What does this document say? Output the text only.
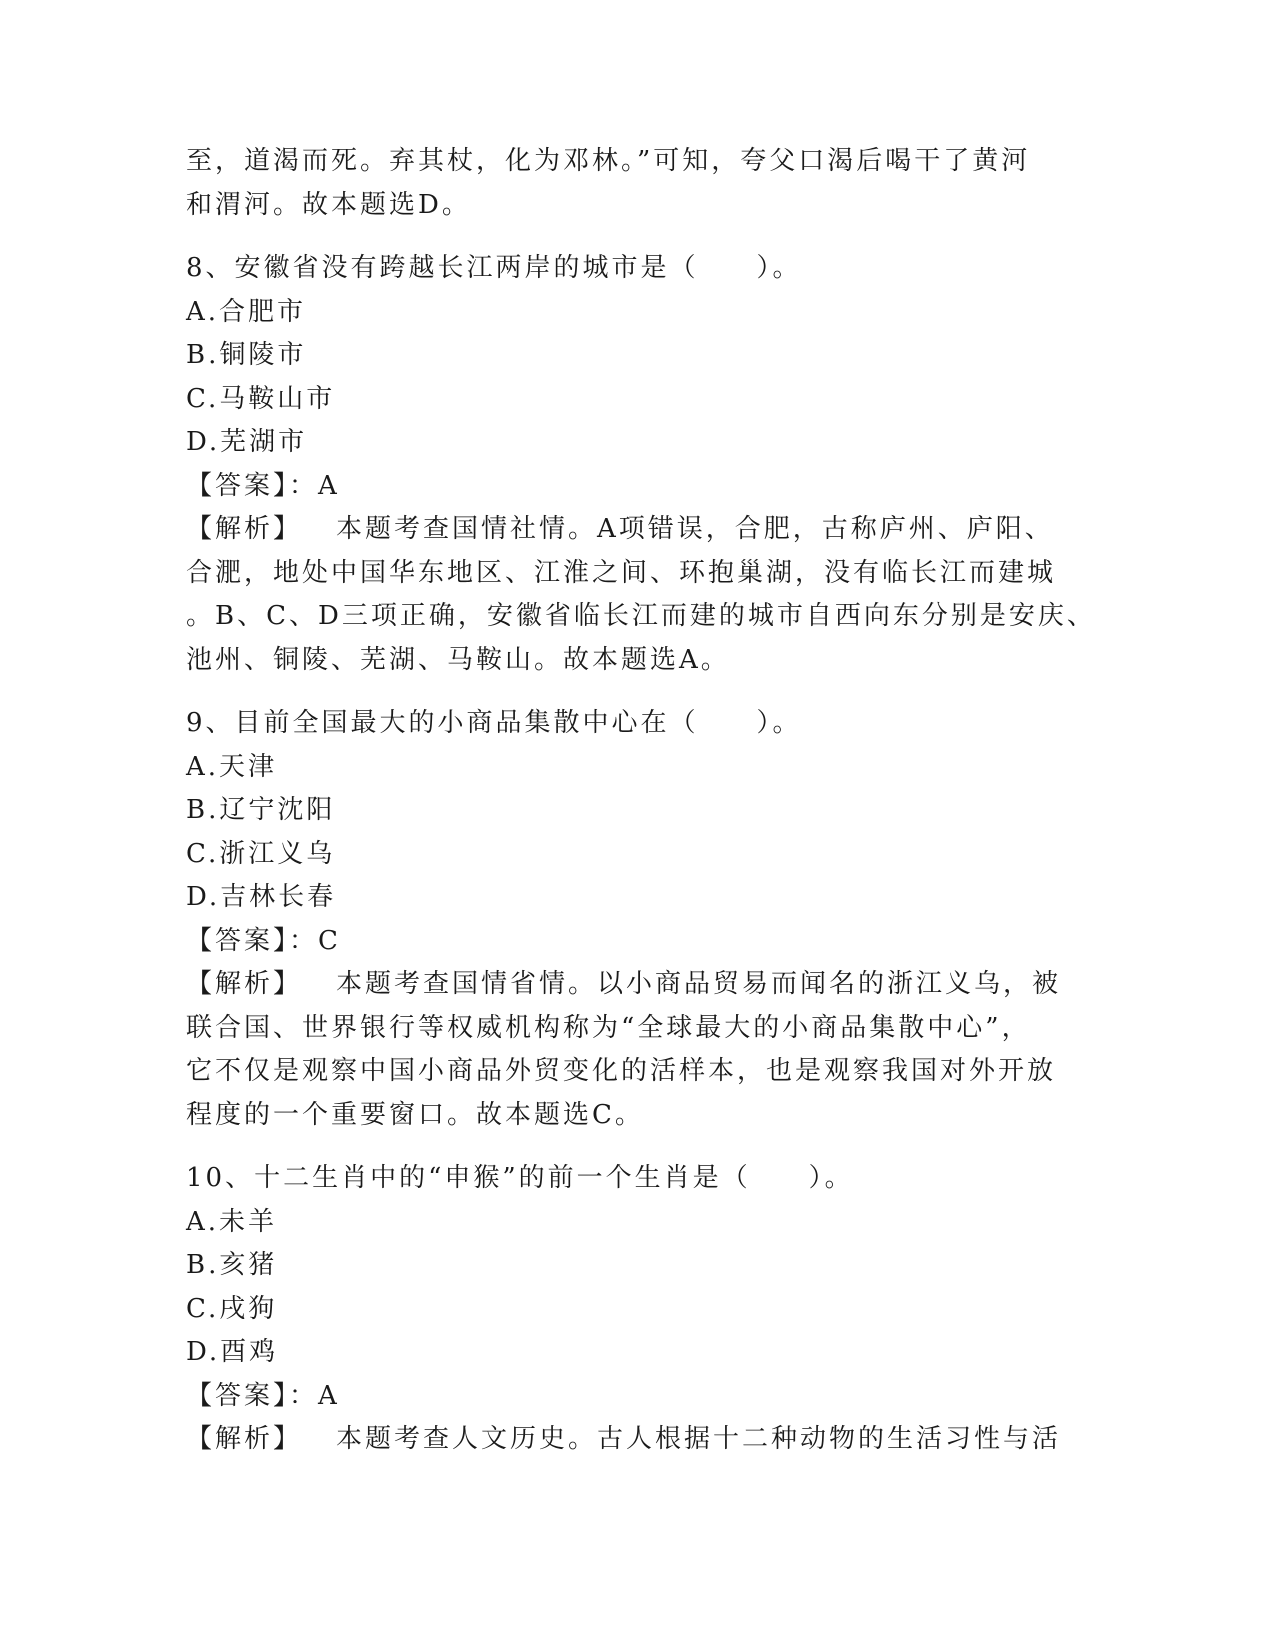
至，道渴而死。弃其杖，化为邓林。”可知，夸父口渴后喝干了黄河
和渭河。故本题选D。
8、安徽省没有跨越长江两岸的城市是（　　）。
A.合肥市
B.铜陵市
C.马鞍山市
D.芜湖市
【答案】：A
【解析】 本题考查国情社情。A项错误，合肥，古称庐州、庐阳、
合淝，地处中国华东地区、江淮之间、环抱巢湖，没有临长江而建城
。B、C、D三项正确，安徽省临长江而建的城市自西向东分别是安庆、
池州、铜陵、芜湖、马鞍山。故本题选A。
9、目前全国最大的小商品集散中心在（　　）。
A.天津
B.辽宁沈阳
C.浙江义乌
D.吉林长春
【答案】：C
【解析】 本题考查国情省情。以小商品贸易而闻名的浙江义乌，被
联合国、世界银行等权威机构称为“全球最大的小商品集散中心”，
它不仅是观察中国小商品外贸变化的活样本，也是观察我国对外开放
程度的一个重要窗口。故本题选C。
10、十二生肖中的“申猴”的前一个生肖是（　　）。
A.未羊
B.亥猪
C.戌狗
D.酉鸡
【答案】：A
【解析】 本题考查人文历史。古人根据十二种动物的生活习性与活
